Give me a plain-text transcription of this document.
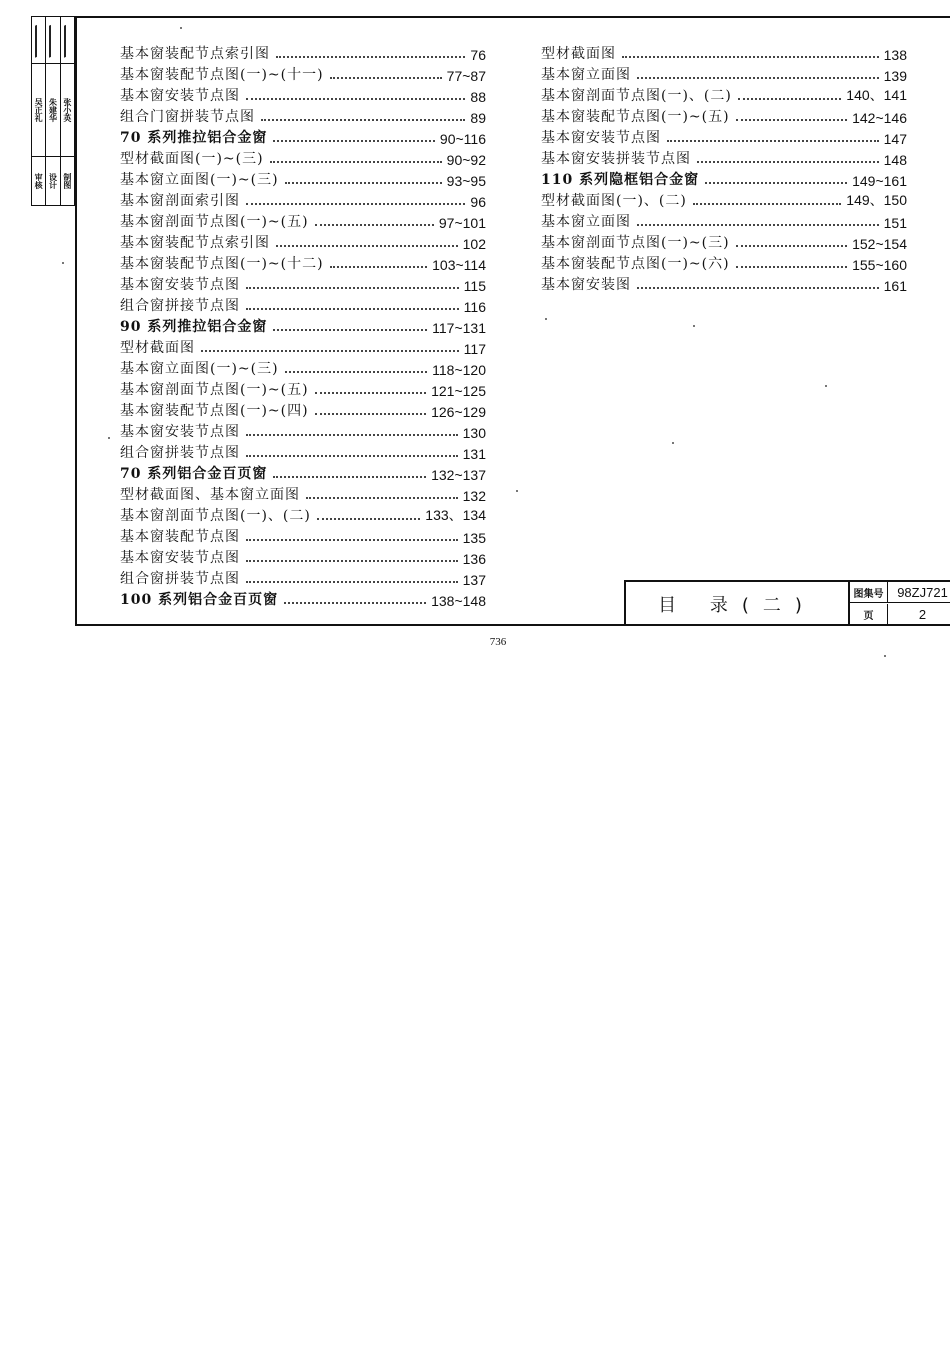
吴正礼
审核
朱建华
设计
张小英
制图
基本窗装配节点索引图	76
基本窗装配节点图(一)~(十一)	77~87
基本窗安装节点图	88
组合门窗拼装节点图	89
70 系列推拉铝合金窗	90~116
型材截面图(一)~(三)	90~92
基本窗立面图(一)~(三)	93~95
基本窗剖面索引图	96
基本窗剖面节点图(一)~(五)	97~101
基本窗装配节点索引图	102
基本窗装配节点图(一)~(十二)	103~114
基本窗安装节点图	115
组合窗拼接节点图	116
90 系列推拉铝合金窗	117~131
型材截面图	117
基本窗立面图(一)~(三)	118~120
基本窗剖面节点图(一)~(五)	121~125
基本窗装配节点图(一)~(四)	126~129
基本窗安装节点图	130
组合窗拼装节点图	131
70 系列铝合金百页窗	132~137
型材截面图、基本窗立面图	132
基本窗剖面节点图(一)、(二)	133、134
基本窗装配节点图	135
基本窗安装节点图	136
组合窗拼装节点图	137
100 系列铝合金百页窗	138~148
型材截面图	138
基本窗立面图	139
基本窗剖面节点图(一)、(二)	140、141
基本窗装配节点图(一)~(五)	142~146
基本窗安装节点图	147
基本窗安装拼装节点图	148
110 系列隐框铝合金窗	149~161
型材截面图(一)、(二)	149、150
基本窗立面图	151
基本窗剖面节点图(一)~(三)	152~154
基本窗装配节点图(一)~(六)	155~160
基本窗安装图	161
目 录(二)
图集号	98ZJ721
页	2
736
